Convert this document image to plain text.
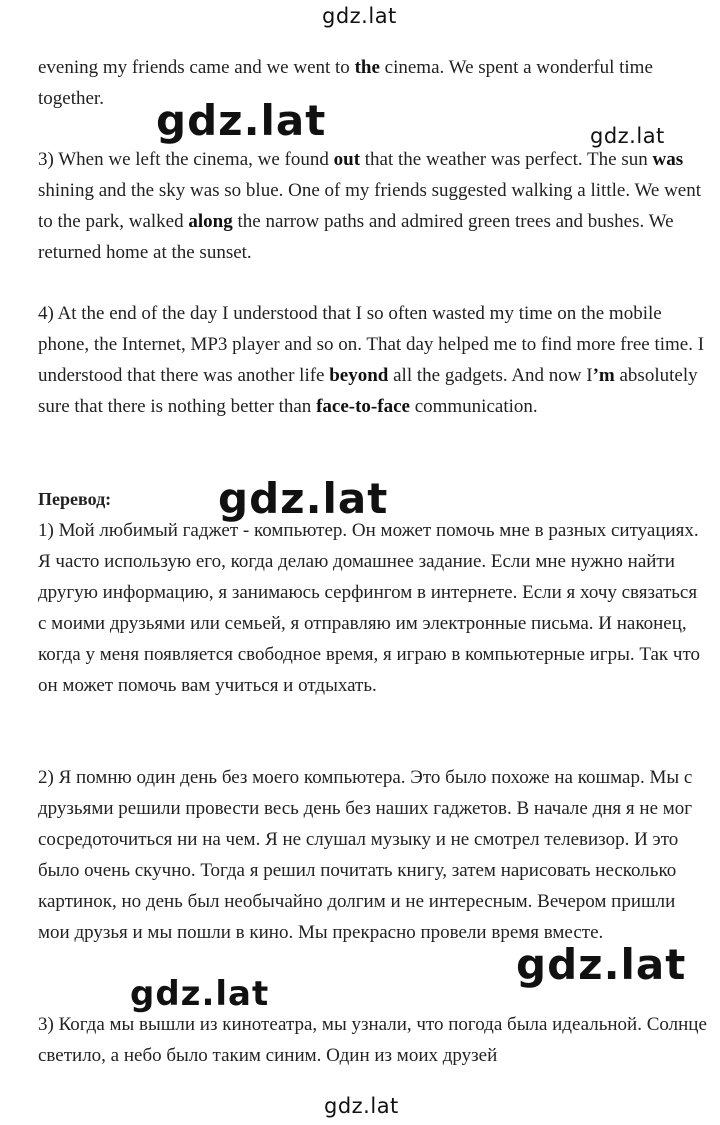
gdz.lat

evening my friends came and we went to the cinema. We spent a wonderful time together.	gdz.lat	gdz.lat

3) When we left the cinema, we found out that the weather was perfect. The sun was shining and the sky was so blue. One of my friends suggested walking a little. We went to the park, walked along the narrow paths and admired green trees and bushes. We returned home at the sunset.

4) At the end of the day I understood that I so often wasted my time on the mobile phone, the Internet, MP3 player and so on. That day helped me to find more free time. I understood that there was another life beyond all the gadgets. And now I’m absolutely sure that there is nothing better than face-to-face communication.

Перевод:	gdz.lat

1) Мой любимый гаджет - компьютер. Он может помочь мне в разных ситуациях. Я часто использую его, когда делаю домашнее задание. Если мне нужно найти другую информацию, я занимаюсь серфингом в интернете. Если я хочу связаться с моими друзьями или семьей, я отправляю им электронные письма. И наконец, когда у меня появляется свободное время, я играю в компьютерные игры. Так что он может помочь вам учиться и отдыхать.

2) Я помню один день без моего компьютера. Это было похоже на кошмар. Мы с друзьями решили провести весь день без наших гаджетов. В начале дня я не мог сосредоточиться ни на чем. Я не слушал музыку и не смотрел телевизор. И это было очень скучно. Тогда я решил почитать книгу, затем нарисовать несколько картинок, но день был необычайно долгим и не интересным. Вечером пришли мои друзья и мы пошли в кино. Мы прекрасно провели время вместе.

gdz.lat
gdz.lat

3) Когда мы вышли из кинотеатра, мы узнали, что погода была идеальной. Солнце светило, а небо было таким синим. Один из моих друзей

gdz.lat
